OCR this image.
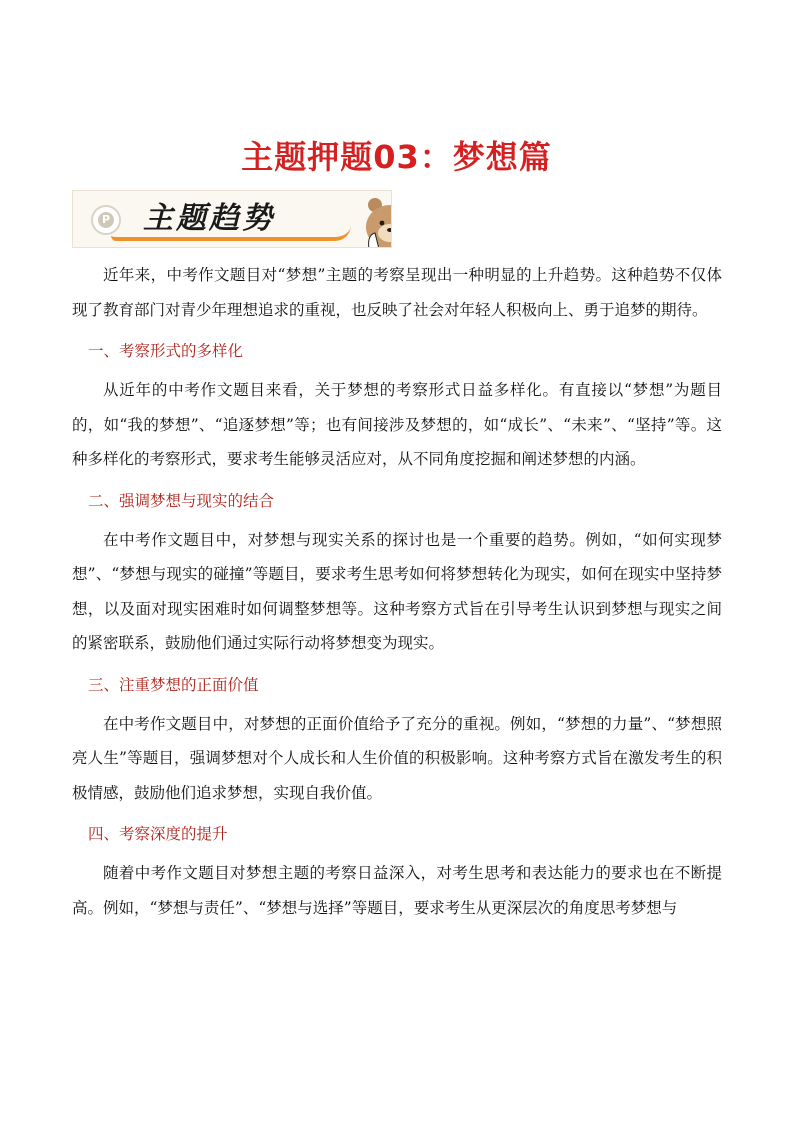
主题押题03：梦想篇
P 主题趋势

近年来，中考作文题目对“梦想”主题的考察呈现出一种明显的上升趋势。这种趋势不仅体现了教育部门对青少年理想追求的重视，也反映了社会对年轻人积极向上、勇于追梦的期待。

一、考察形式的多样化

从近年的中考作文题目来看，关于梦想的考察形式日益多样化。有直接以“梦想”为题目的，如“我的梦想”、“追逐梦想”等；也有间接涉及梦想的，如“成长”、“未来”、“坚持”等。这种多样化的考察形式，要求考生能够灵活应对，从不同角度挖掘和阐述梦想的内涵。

二、强调梦想与现实的结合

在中考作文题目中，对梦想与现实关系的探讨也是一个重要的趋势。例如，“如何实现梦想”、“梦想与现实的碰撞”等题目，要求考生思考如何将梦想转化为现实，如何在现实中坚持梦想，以及面对现实困难时如何调整梦想等。这种考察方式旨在引导考生认识到梦想与现实之间的紧密联系，鼓励他们通过实际行动将梦想变为现实。

三、注重梦想的正面价值

在中考作文题目中，对梦想的正面价值给予了充分的重视。例如，“梦想的力量”、“梦想照亮人生”等题目，强调梦想对个人成长和人生价值的积极影响。这种考察方式旨在激发考生的积极情感，鼓励他们追求梦想，实现自我价值。

四、考察深度的提升

随着中考作文题目对梦想主题的考察日益深入，对考生思考和表达能力的要求也在不断提高。例如，“梦想与责任”、“梦想与选择”等题目，要求考生从更深层次的角度思考梦想与
